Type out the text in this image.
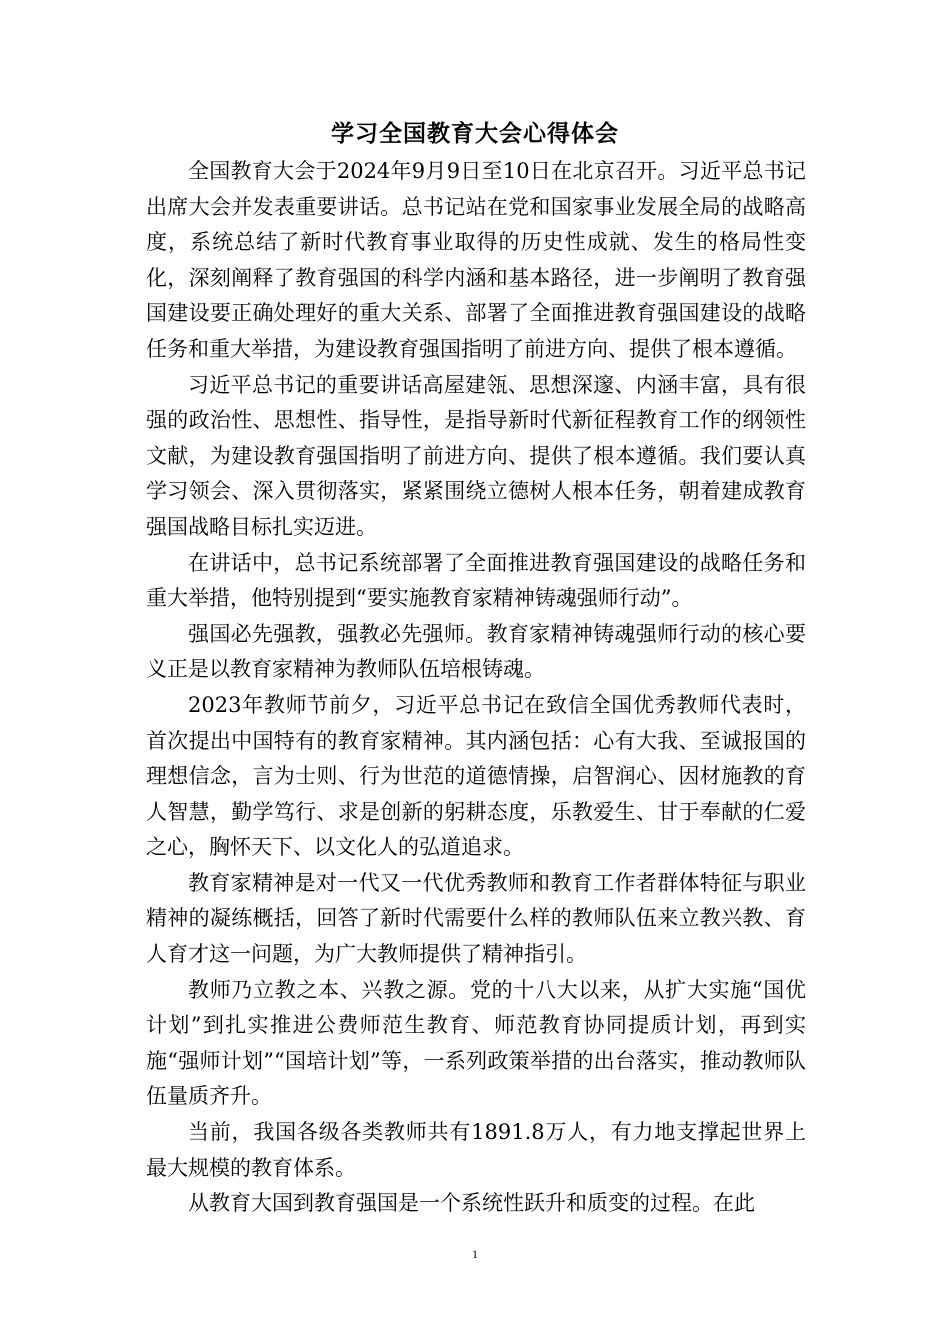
学习全国教育大会心得体会

全国教育大会于2024年9月9日至10日在北京召开。习近平总书记出席大会并发表重要讲话。总书记站在党和国家事业发展全局的战略高度，系统总结了新时代教育事业取得的历史性成就、发生的格局性变化，深刻阐释了教育强国的科学内涵和基本路径，进一步阐明了教育强国建设要正确处理好的重大关系、部署了全面推进教育强国建设的战略任务和重大举措，为建设教育强国指明了前进方向、提供了根本遵循。

习近平总书记的重要讲话高屋建瓴、思想深邃、内涵丰富，具有很强的政治性、思想性、指导性，是指导新时代新征程教育工作的纲领性文献，为建设教育强国指明了前进方向、提供了根本遵循。我们要认真学习领会、深入贯彻落实，紧紧围绕立德树人根本任务，朝着建成教育强国战略目标扎实迈进。

在讲话中，总书记系统部署了全面推进教育强国建设的战略任务和重大举措，他特别提到“要实施教育家精神铸魂强师行动”。

强国必先强教，强教必先强师。教育家精神铸魂强师行动的核心要义正是以教育家精神为教师队伍培根铸魂。

2023年教师节前夕，习近平总书记在致信全国优秀教师代表时，首次提出中国特有的教育家精神。其内涵包括：心有大我、至诚报国的理想信念，言为士则、行为世范的道德情操，启智润心、因材施教的育人智慧，勤学笃行、求是创新的躬耕态度，乐教爱生、甘于奉献的仁爱之心，胸怀天下、以文化人的弘道追求。

教育家精神是对一代又一代优秀教师和教育工作者群体特征与职业精神的凝练概括，回答了新时代需要什么样的教师队伍来立教兴教、育人育才这一问题，为广大教师提供了精神指引。

教师乃立教之本、兴教之源。党的十八大以来，从扩大实施“国优计划”到扎实推进公费师范生教育、师范教育协同提质计划，再到实施“强师计划”“国培计划”等，一系列政策举措的出台落实，推动教师队伍量质齐升。

当前，我国各级各类教师共有1891.8万人，有力地支撑起世界上最大规模的教育体系。

从教育大国到教育强国是一个系统性跃升和质变的过程。在此

1
